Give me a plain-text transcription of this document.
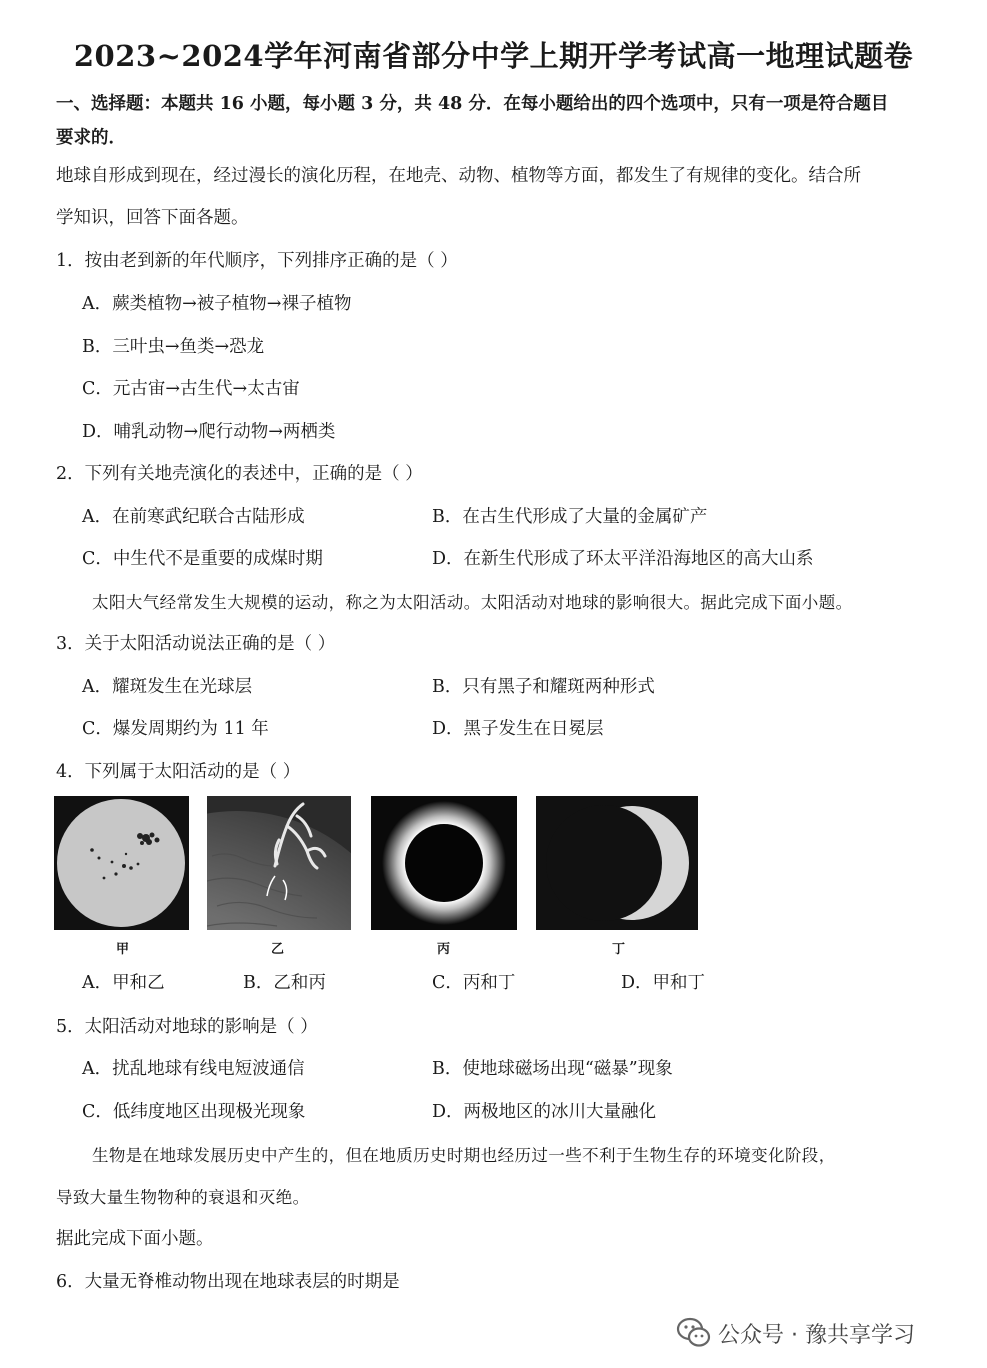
2023~2024学年河南省部分中学上期开学考试高一地理试题卷
一、选择题：本题共 16 小题，每小题 3 分，共 48 分．在每小题给出的四个选项中，只有一项是符合题目
要求的．
地球自形成到现在，经过漫长的演化历程，在地壳、动物、植物等方面，都发生了有规律的变化。结合所
学知识，回答下面各题。
1．按由老到新的年代顺序，下列排序正确的是（ ）
A．蕨类植物→被子植物→裸子植物
B．三叶虫→鱼类→恐龙
C．元古宙→古生代→太古宙
D．哺乳动物→爬行动物→两栖类
2．下列有关地壳演化的表述中，正确的是（ ）
A．在前寒武纪联合古陆形成	B．在古生代形成了大量的金属矿产
C．中生代不是重要的成煤时期	D．在新生代形成了环太平洋沿海地区的高大山系
太阳大气经常发生大规模的运动，称之为太阳活动。太阳活动对地球的影响很大。据此完成下面小题。
3．关于太阳活动说法正确的是（ ）
A．耀斑发生在光球层	B．只有黑子和耀斑两种形式
C．爆发周期约为 11 年	D．黑子发生在日冕层
4．下列属于太阳活动的是（ ）
甲	乙	丙	丁
A．甲和乙	B．乙和丙	C．丙和丁	D．甲和丁
5．太阳活动对地球的影响是（ ）
A．扰乱地球有线电短波通信	B．使地球磁场出现“磁暴”现象
C．低纬度地区出现极光现象	D．两极地区的冰川大量融化
生物是在地球发展历史中产生的，但在地质历史时期也经历过一些不利于生物生存的环境变化阶段，
导致大量生物物种的衰退和灭绝。
据此完成下面小题。
6．大量无脊椎动物出现在地球表层的时期是
公众号 · 豫共享学习
